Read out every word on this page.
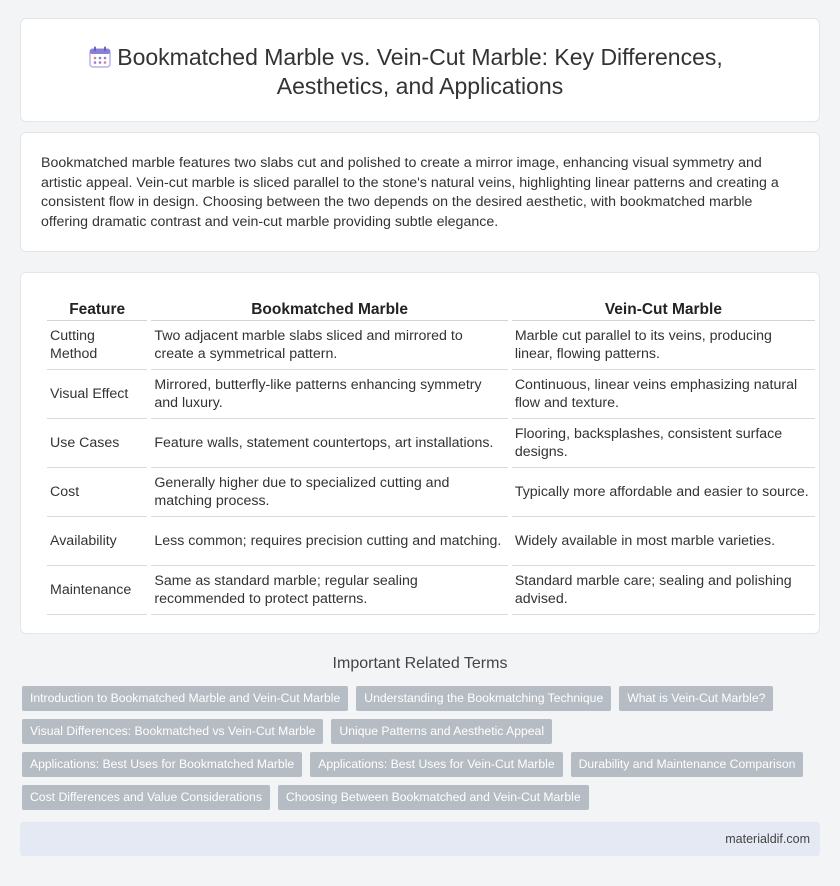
Bookmatched Marble vs. Vein-Cut Marble: Key Differences, Aesthetics, and Applications

Bookmatched marble features two slabs cut and polished to create a mirror image, enhancing visual symmetry and artistic appeal. Vein-cut marble is sliced parallel to the stone's natural veins, highlighting linear patterns and creating a consistent flow in design. Choosing between the two depends on the desired aesthetic, with bookmatched marble offering dramatic contrast and vein-cut marble providing subtle elegance.

Feature	Bookmatched Marble	Vein-Cut Marble
Cutting Method	Two adjacent marble slabs sliced and mirrored to create a symmetrical pattern.	Marble cut parallel to its veins, producing linear, flowing patterns.
Visual Effect	Mirrored, butterfly-like patterns enhancing symmetry and luxury.	Continuous, linear veins emphasizing natural flow and texture.
Use Cases	Feature walls, statement countertops, art installations.	Flooring, backsplashes, consistent surface designs.
Cost	Generally higher due to specialized cutting and matching process.	Typically more affordable and easier to source.
Availability	Less common; requires precision cutting and matching.	Widely available in most marble varieties.
Maintenance	Same as standard marble; regular sealing recommended to protect patterns.	Standard marble care; sealing and polishing advised.
Important Related Terms
Introduction to Bookmatched Marble and Vein-Cut Marble	Understanding the Bookmatching Technique	What is Vein-Cut Marble?
Visual Differences: Bookmatched vs Vein-Cut Marble	Unique Patterns and Aesthetic Appeal
Applications: Best Uses for Bookmatched Marble	Applications: Best Uses for Vein-Cut Marble	Durability and Maintenance Comparison
Cost Differences and Value Considerations	Choosing Between Bookmatched and Vein-Cut Marble
materialdif.com
